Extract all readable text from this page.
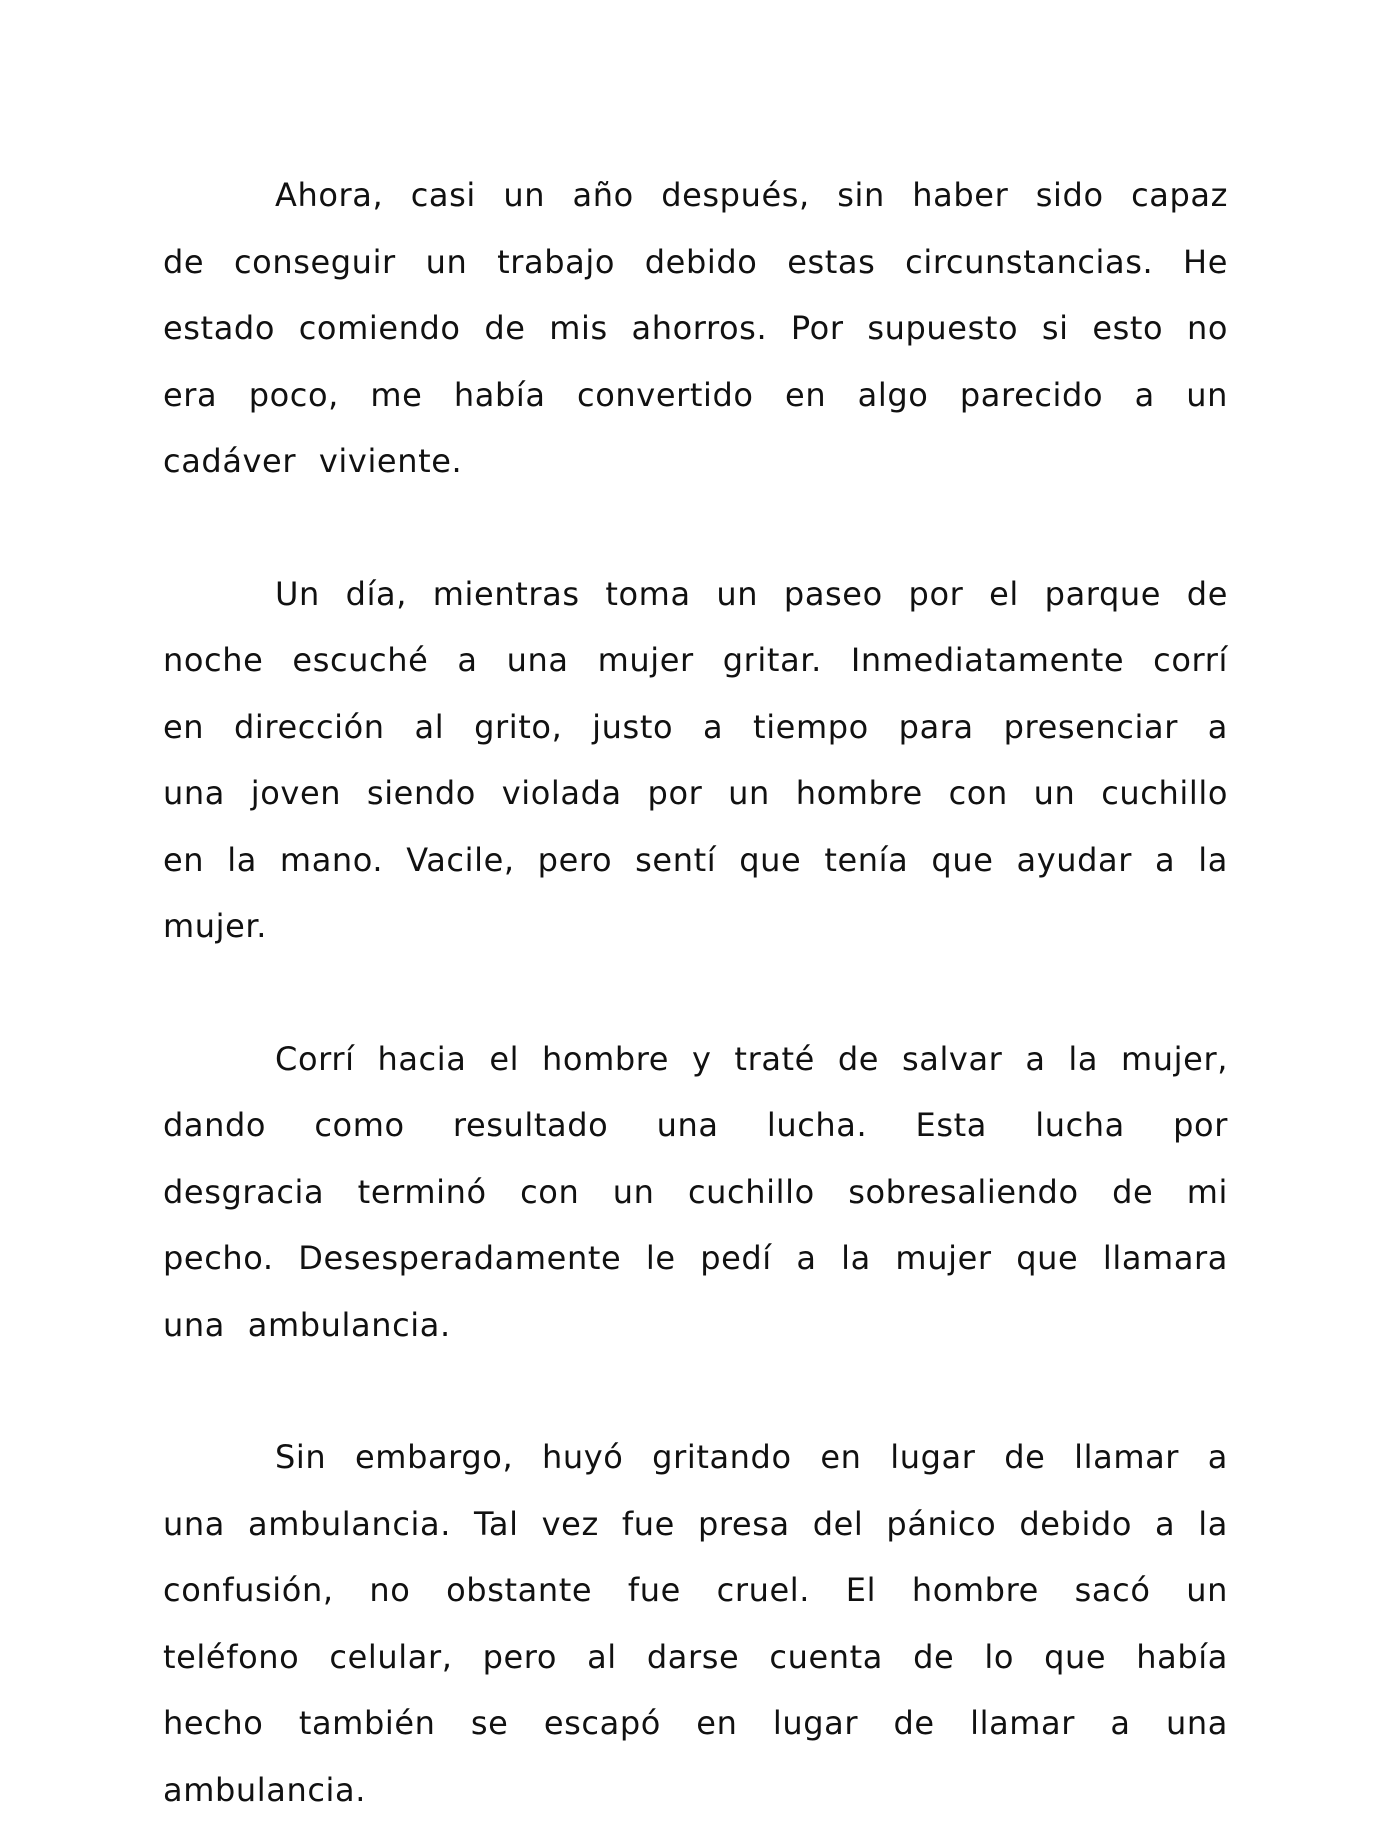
Ahora, casi un año después, sin haber sido capaz de conseguir un trabajo debido estas circunstancias. He estado comiendo de mis ahorros. Por supuesto si esto no era poco, me había convertido en algo parecido a un cadáver viviente.

Un día, mientras toma un paseo por el parque de noche escuché a una mujer gritar. Inmediatamente corrí en dirección al grito, justo a tiempo para presenciar a una joven siendo violada por un hombre con un cuchillo en la mano. Vacile, pero sentí que tenía que ayudar a la mujer.

Corrí hacia el hombre y traté de salvar a la mujer, dando como resultado una lucha. Esta lucha por desgracia terminó con un cuchillo sobresaliendo de mi pecho. Desesperadamente le pedí a la mujer que llamara una ambulancia.

Sin embargo, huyó gritando en lugar de llamar a una ambulancia. Tal vez fue presa del pánico debido a la confusión, no obstante fue cruel. El hombre sacó un teléfono celular, pero al darse cuenta de lo que había hecho también se escapó en lugar de llamar a una ambulancia.
